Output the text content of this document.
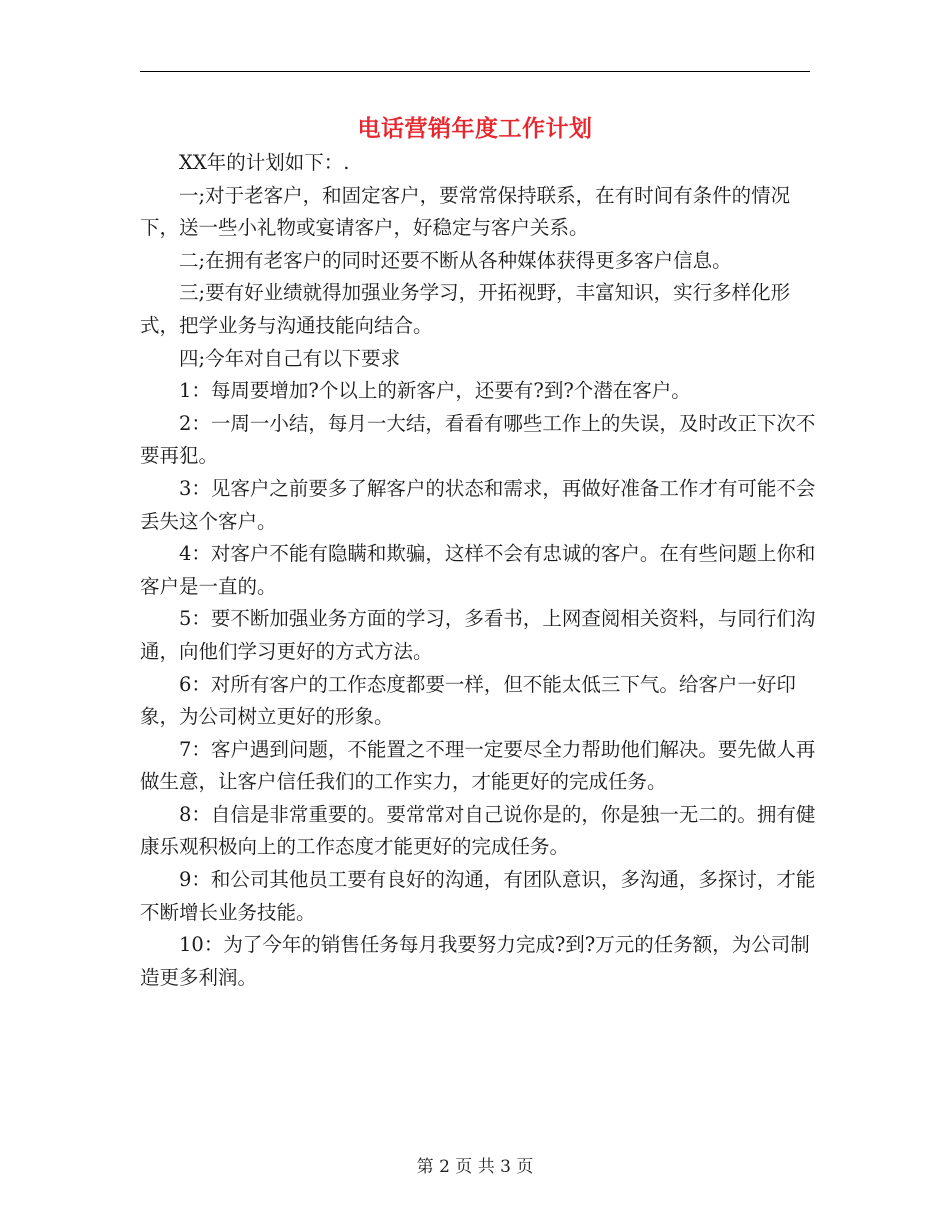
电话营销年度工作计划

XX年的计划如下：.

一;对于老客户，和固定客户，要常常保持联系，在有时间有条件的情况下，送一些小礼物或宴请客户，好稳定与客户关系。

二;在拥有老客户的同时还要不断从各种媒体获得更多客户信息。

三;要有好业绩就得加强业务学习，开拓视野，丰富知识，实行多样化形式，把学业务与沟通技能向结合。

四;今年对自己有以下要求

1：每周要增加?个以上的新客户，还要有?到?个潜在客户。

2：一周一小结，每月一大结，看看有哪些工作上的失误，及时改正下次不要再犯。

3：见客户之前要多了解客户的状态和需求，再做好准备工作才有可能不会丢失这个客户。

4：对客户不能有隐瞒和欺骗，这样不会有忠诚的客户。在有些问题上你和客户是一直的。

5：要不断加强业务方面的学习，多看书，上网查阅相关资料，与同行们沟通，向他们学习更好的方式方法。

6：对所有客户的工作态度都要一样，但不能太低三下气。给客户一好印象，为公司树立更好的形象。

7：客户遇到问题，不能置之不理一定要尽全力帮助他们解决。要先做人再做生意，让客户信任我们的工作实力，才能更好的完成任务。

8：自信是非常重要的。要常常对自己说你是的，你是独一无二的。拥有健康乐观积极向上的工作态度才能更好的完成任务。

9：和公司其他员工要有良好的沟通，有团队意识，多沟通，多探讨，才能不断增长业务技能。

10：为了今年的销售任务每月我要努力完成?到?万元的任务额，为公司制造更多利润。

第 2 页 共 3 页
